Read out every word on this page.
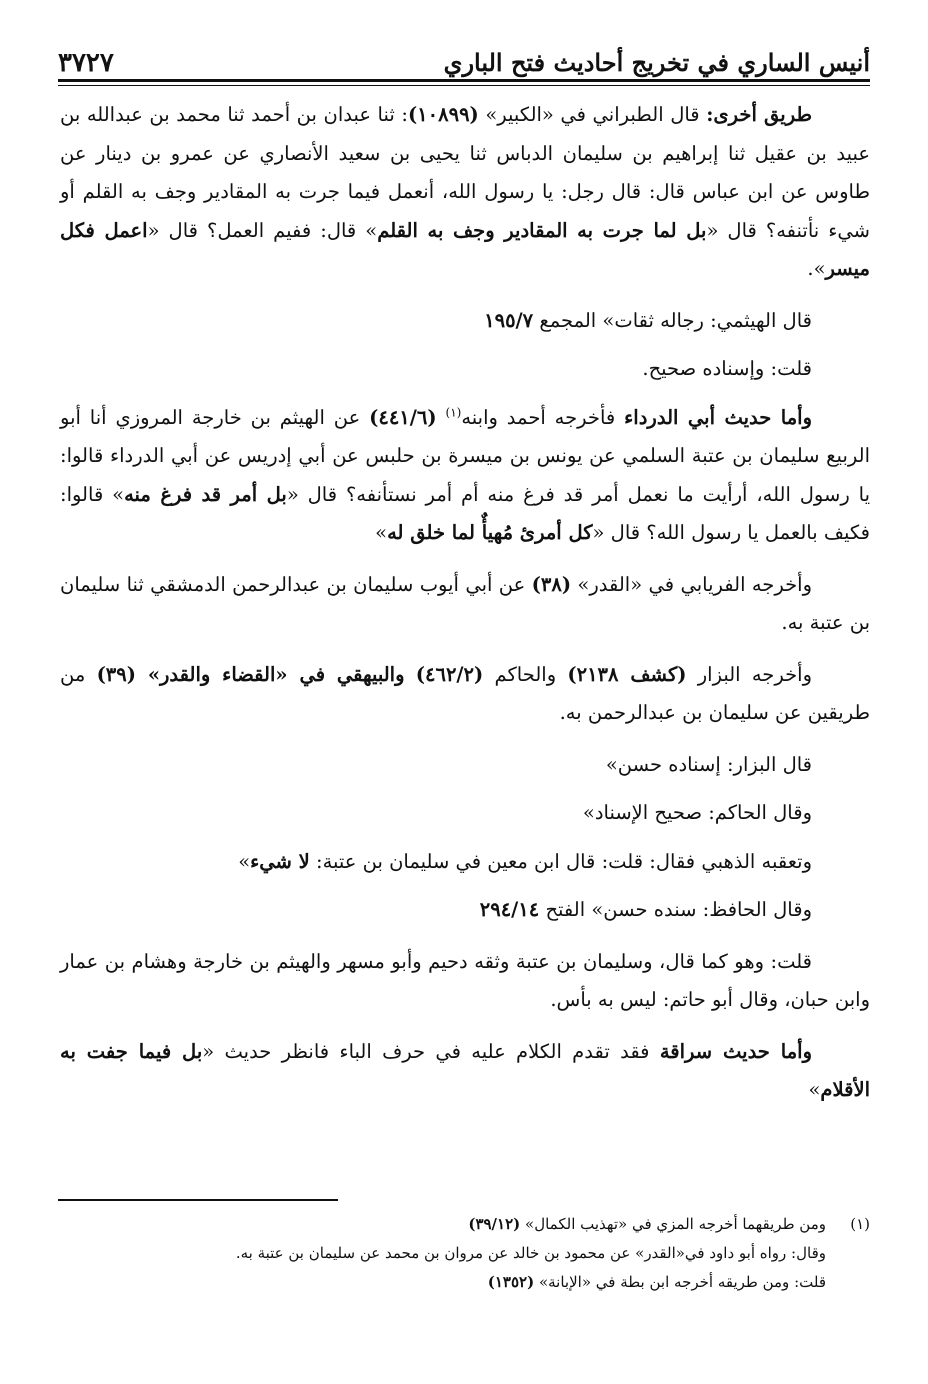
أنيس الساري في تخريج أحاديث فتح الباري
٣٧٢٧

طريق أخرى: قال الطبراني في «الكبير» (١٠٨٩٩): ثنا عبدان بن أحمد ثنا محمد بن عبدالله بن عبيد بن عقيل ثنا إبراهيم بن سليمان الدباس ثنا يحيى بن سعيد الأنصاري عن عمرو بن دينار عن طاوس عن ابن عباس قال: قال رجل: يا رسول الله، أنعمل فيما جرت به المقادير وجف به القلم أو شيء نأتنفه؟ قال «بل لما جرت به المقادير وجف به القلم» قال: ففيم العمل؟ قال «اعمل فكل ميسر».

قال الهيثمي: رجاله ثقات» المجمع ١٩٥/٧

قلت: وإسناده صحيح.

وأما حديث أبي الدرداء فأخرجه أحمد وابنه$^{(١)}$ (٤٤١/٦) عن الهيثم بن خارجة المروزي أنا أبو الربيع سليمان بن عتبة السلمي عن يونس بن ميسرة بن حلبس عن أبي إدريس عن أبي الدرداء قالوا: يا رسول الله، أرأيت ما نعمل أمر قد فرغ منه أم أمر نستأنفه؟ قال «بل أمر قد فرغ منه» قالوا: فكيف بالعمل يا رسول الله؟ قال «كل أمرئ مُهيأٌ لما خلق له»

وأخرجه الفريابي في «القدر» (٣٨) عن أبي أيوب سليمان بن عبدالرحمن الدمشقي ثنا سليمان بن عتبة به.

وأخرجه البزار (كشف ٢١٣٨) والحاكم (٤٦٢/٢) والبيهقي في «القضاء والقدر» (٣٩) من طريقين عن سليمان بن عبدالرحمن به.

قال البزار: إسناده حسن»

وقال الحاكم: صحيح الإسناد»

وتعقبه الذهبي فقال: قلت: قال ابن معين في سليمان بن عتبة: لا شيء»

وقال الحافظ: سنده حسن» الفتح ٢٩٤/١٤

قلت: وهو كما قال، وسليمان بن عتبة وثقه دحيم وأبو مسهر والهيثم بن خارجة وهشام بن عمار وابن حبان، وقال أبو حاتم: ليس به بأس.

وأما حديث سراقة فقد تقدم الكلام عليه في حرف الباء فانظر حديث «بل فيما جفت به الأقلام»

(١)ومن طريقهما أخرجه المزي في «تهذيب الكمال» (٣٩/١٢)

وقال: رواه أبو داود في«القدر» عن محمود بن خالد عن مروان بن محمد عن سليمان بن عتبة به.

قلت: ومن طريقه أخرجه ابن بطة في «الإبانة» (١٣٥٢)
